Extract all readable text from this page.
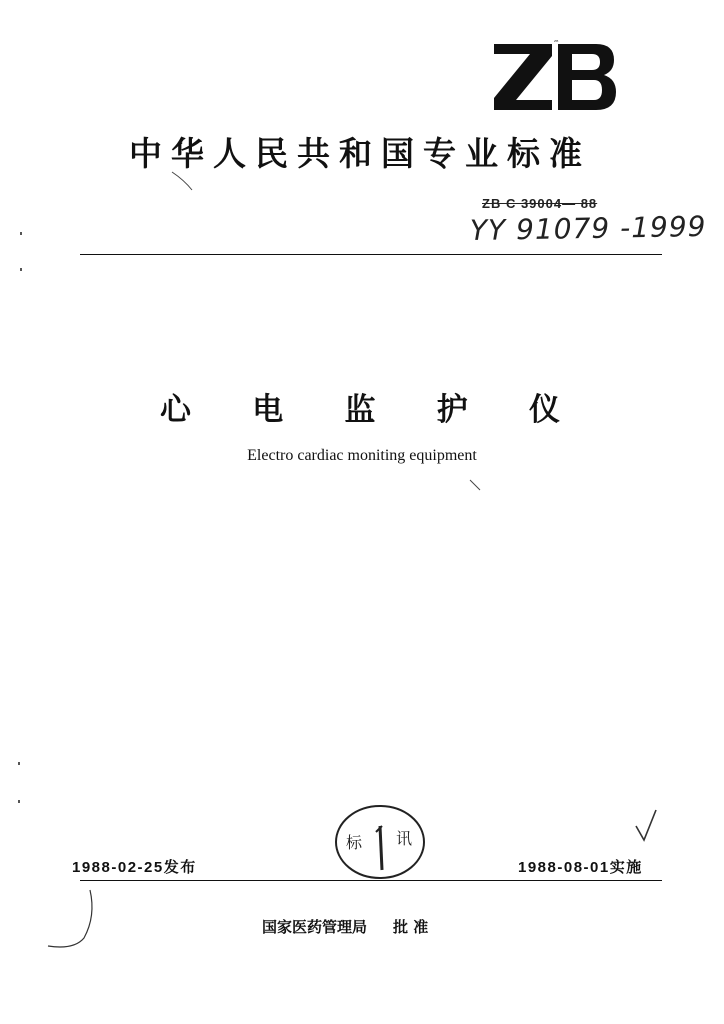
ZB
中华人民共和国专业标准
ZB C 39004— 88
YY 91079 -1999
心 电 监 护 仪
Electro cardiac moniting equipment
标 讯
1988-02-25发布	1988-08-01实施
国家医药管理局 批 准
